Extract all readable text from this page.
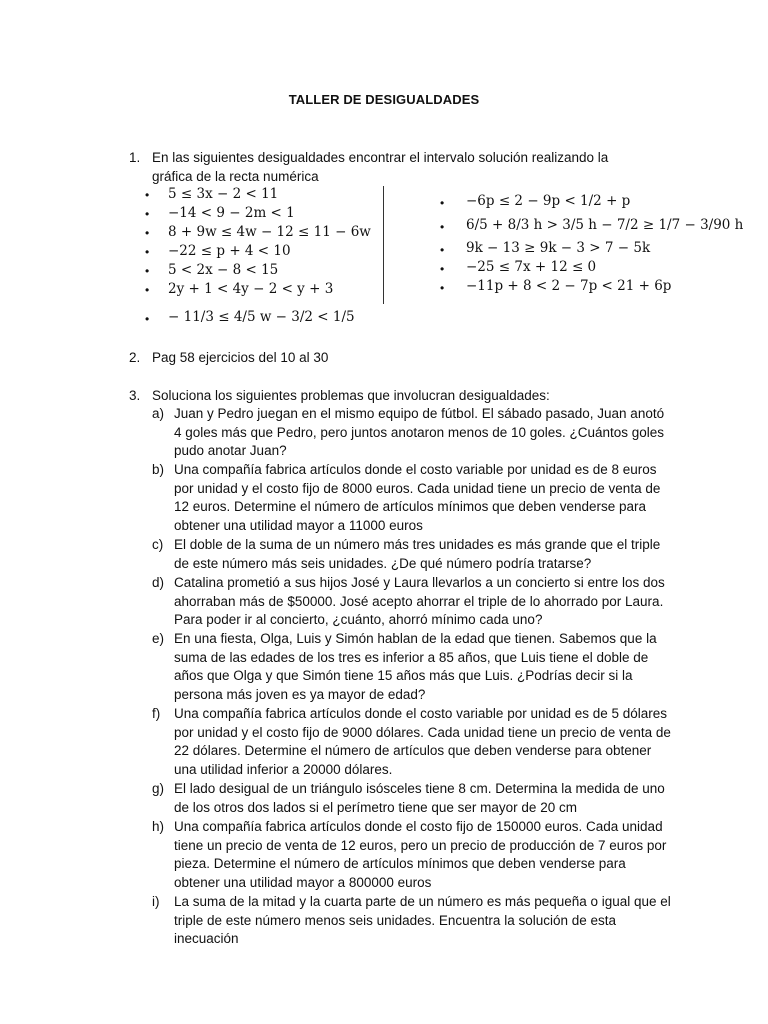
TALLER DE DESIGUALDADES
1. En las siguientes desigualdades encontrar el intervalo solución realizando la gráfica de la recta numérica
• 5 ≤ 3x − 2 < 11
• −14 < 9 − 2m < 1
• 8 + 9w ≤ 4w − 12 ≤ 11 − 6w
• −22 ≤ p + 4 < 10
• 5 < 2x − 8 < 15
• 2y + 1 < 4y − 2 < y + 3
• − 11/3 ≤ 4/5 w − 3/2 < 1/5
• −6p ≤ 2 − 9p < 1/2 + p
• 6/5 + 8/3 h > 3/5 h − 7/2 ≥ 1/7 − 3/90 h
• 9k − 13 ≥ 9k − 3 > 7 − 5k
• −25 ≤ 7x + 12 ≤ 0
• −11p + 8 < 2 − 7p < 21 + 6p
2. Pag 58 ejercicios del 10 al 30
3. Soluciona los siguientes problemas que involucran desigualdades:
a) Juan y Pedro juegan en el mismo equipo de fútbol. El sábado pasado, Juan anotó 4 goles más que Pedro, pero juntos anotaron menos de 10 goles. ¿Cuántos goles pudo anotar Juan?
b) Una compañía fabrica artículos donde el costo variable por unidad es de 8 euros por unidad y el costo fijo de 8000 euros. Cada unidad tiene un precio de venta de 12 euros. Determine el número de artículos mínimos que deben venderse para obtener una utilidad mayor a 11000 euros
c) El doble de la suma de un número más tres unidades es más grande que el triple de este número más seis unidades. ¿De qué número podría tratarse?
d) Catalina prometió a sus hijos José y Laura llevarlos a un concierto si entre los dos ahorraban más de $50000. José acepto ahorrar el triple de lo ahorrado por Laura. Para poder ir al concierto, ¿cuánto, ahorró mínimo cada uno?
e) En una fiesta, Olga, Luis y Simón hablan de la edad que tienen. Sabemos que la suma de las edades de los tres es inferior a 85 años, que Luis tiene el doble de años que Olga y que Simón tiene 15 años más que Luis. ¿Podrías decir si la persona más joven es ya mayor de edad?
f) Una compañía fabrica artículos donde el costo variable por unidad es de 5 dólares por unidad y el costo fijo de 9000 dólares. Cada unidad tiene un precio de venta de 22 dólares. Determine el número de artículos que deben venderse para obtener una utilidad inferior a 20000 dólares.
g) El lado desigual de un triángulo isósceles tiene 8 cm. Determina la medida de uno de los otros dos lados si el perímetro tiene que ser mayor de 20 cm
h) Una compañía fabrica artículos donde el costo fijo de 150000 euros. Cada unidad tiene un precio de venta de 12 euros, pero un precio de producción de 7 euros por pieza. Determine el número de artículos mínimos que deben venderse para obtener una utilidad mayor a 800000 euros
i) La suma de la mitad y la cuarta parte de un número es más pequeña o igual que el triple de este número menos seis unidades. Encuentra la solución de esta inecuación
